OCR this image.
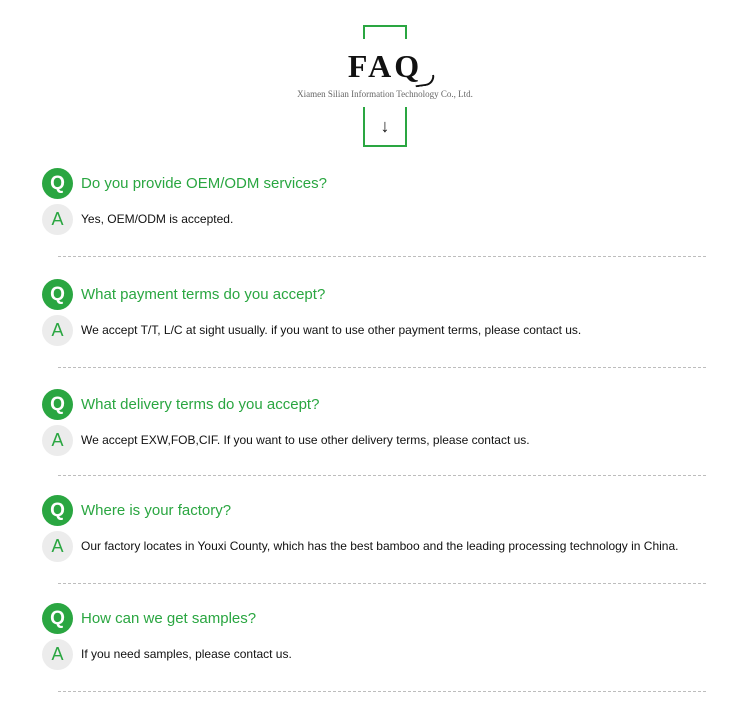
FAQ
Xiamen Silian Information Technology Co., Ltd.
↓
Q	Do you provide OEM/ODM services?
A	Yes, OEM/ODM is accepted.
Q	What payment terms do you accept?
A	We accept T/T, L/C at sight usually. if you want to use other payment terms, please contact us.
Q	What delivery terms do you accept?
A	We accept EXW,FOB,CIF. If you want to use other delivery terms, please contact us.
Q	Where is your factory?
A	Our factory locates in Youxi County, which has the best bamboo and the leading processing technology in China.
Q	How can we get samples?
A	If you need samples, please contact us.
